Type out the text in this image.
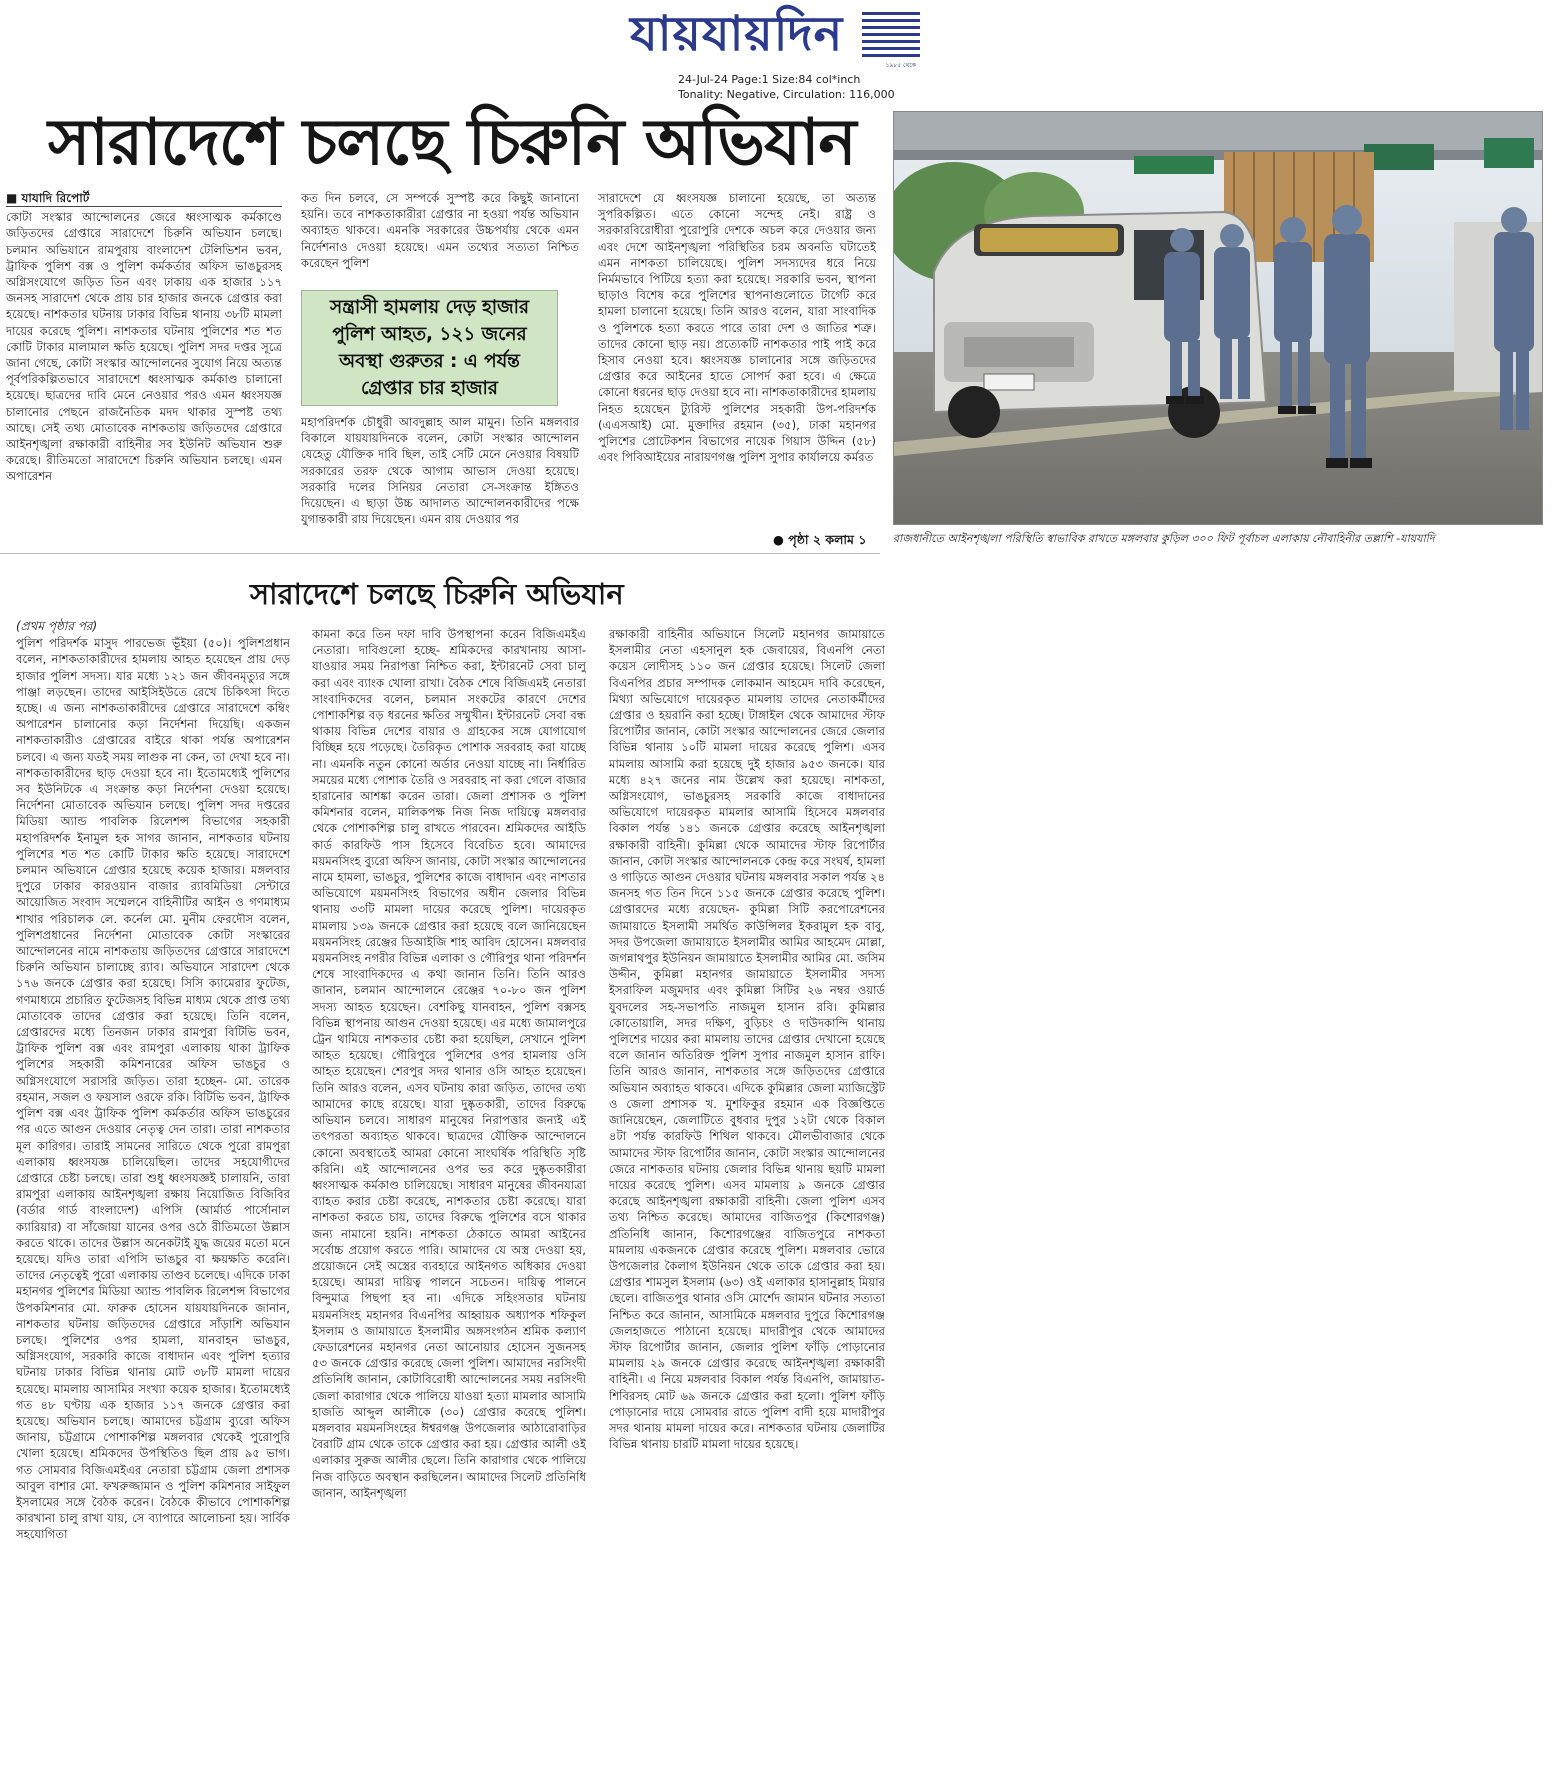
যায়যায়দিন
১৯৮৫ থেকে
24-Jul-24 Page:1 Size:84 col*inch
Tonality: Negative, Circulation: 116,000
সারাদেশে চলছে চিরুনি অভিযান
■ যাযাদি রিপোর্ট

কোটা সংস্কার আন্দোলনের জেরে ধ্বংসাত্মক কর্মকাণ্ডে জড়িতদের গ্রেপ্তারে সারাদেশে চিরুনি অভিযান চলছে। চলমান অভিযানে রামপুরায় বাংলাদেশ টেলিভিশন ভবন, ট্রাফিক পুলিশ বক্স ও পুলিশ কর্মকর্তার অফিস ভাঙচুরসহ অগ্নিসংযোগে জড়িত তিন এবং ঢাকায় এক হাজার ১১৭ জনসহ সারাদেশ থেকে প্রায় চার হাজার জনকে গ্রেপ্তার করা হয়েছে। নাশকতার ঘটনায় ঢাকার বিভিন্ন থানায় ৩৮টি মামলা দায়ের করেছে পুলিশ। নাশকতার ঘটনায় পুলিশের শত শত কোটি টাকার মালামাল ক্ষতি হয়েছে। পুলিশ সদর দপ্তর সূত্রে জানা গেছে, কোটা সংস্কার আন্দোলনের সুযোগ নিয়ে অত্যন্ত পূর্বপরিকল্পিতভাবে সারাদেশে ধ্বংসাত্মক কর্মকাণ্ড চালানো হয়েছে। ছাত্রদের দাবি মেনে নেওয়ার পরও এমন ধ্বংসযজ্ঞ চালানোর পেছনে রাজনৈতিক মদদ থাকার সুস্পষ্ট তথ্য আছে। সেই তথ্য মোতাবেক নাশকতায় জড়িতদের গ্রেপ্তারে আইনশৃঙ্খলা রক্ষাকারী বাহিনীর সব ইউনিট অভিযান শুরু করেছে। রীতিমতো সারাদেশে চিরুনি অভিযান চলছে। এমন অপারেশন

কত দিন চলবে, সে সম্পর্কে সুস্পষ্ট করে কিছুই জানানো হয়নি। তবে নাশকতাকারীরা গ্রেপ্তার না হওয়া পর্যন্ত অভিযান অব্যাহত থাকবে। এমনকি সরকারের উচ্চপর্যায় থেকে এমন নির্দেশনাও দেওয়া হয়েছে। এমন তথ্যের সত্যতা নিশ্চিত করেছেন পুলিশ

সন্ত্রাসী হামলায় দেড় হাজার
পুলিশ আহত, ১২১ জনের
অবস্থা গুরুতর : এ পর্যন্ত
গ্রেপ্তার চার হাজার

মহাপরিদর্শক চৌধুরী আবদুল্লাহ আল মামুন। তিনি মঙ্গলবার বিকালে যায়যায়দিনকে বলেন, কোটা সংস্কার আন্দোলন যেহেতু যৌক্তিক দাবি ছিল, তাই সেটি মেনে নেওয়ার বিষয়টি সরকারের তরফ থেকে আগাম আভাস দেওয়া হয়েছে। সরকারি দলের সিনিয়র নেতারা সে-সংক্রান্ত ইঙ্গিতও দিয়েছেন। এ ছাড়া উচ্চ আদালত আন্দোলনকারীদের পক্ষে যুগান্তকারী রায় দিয়েছেন। এমন রায় দেওয়ার পর

সারাদেশে যে ধ্বংসযজ্ঞ চালানো হয়েছে, তা অত্যন্ত সুপরিকল্পিত। এতে কোনো সন্দেহ নেই। রাষ্ট্র ও সরকারবিরোধীরা পুরোপুরি দেশকে অচল করে দেওয়ার জন্য এবং দেশে আইনশৃঙ্খলা পরিস্থিতির চরম অবনতি ঘটাতেই এমন নাশকতা চালিয়েছে। পুলিশ সদস্যদের ধরে নিয়ে নির্মমভাবে পিটিয়ে হত্যা করা হয়েছে। সরকারি ভবন, স্থাপনা ছাড়াও বিশেষ করে পুলিশের স্থাপনাগুলোতে টার্গেট করে হামলা চালানো হয়েছে। তিনি আরও বলেন, যারা সাংবাদিক ও পুলিশকে হত্যা করতে পারে তারা দেশ ও জাতির শত্রু। তাদের কোনো ছাড় নয়। প্রত্যেকটি নাশকতার পাই পাই করে হিসাব নেওয়া হবে। ধ্বংসযজ্ঞ চালানোর সঙ্গে জড়িতদের গ্রেপ্তার করে আইনের হাতে সোপর্দ করা হবে। এ ক্ষেত্রে কোনো ধরনের ছাড় দেওয়া হবে না। নাশকতাকারীদের হামলায় নিহত হয়েছেন ট্যুরিস্ট পুলিশের সহকারী উপ-পরিদর্শক (এএসআই) মো. মুক্তাদির রহমান (৩৫), ঢাকা মহানগর পুলিশের প্রোটেকশন বিভাগের নায়েক গিয়াস উদ্দিন (৫৮) এবং পিবিআইয়ের নারায়ণগঞ্জ পুলিশ সুপার কার্যালয়ে কর্মরত

● পৃষ্ঠা ২ কলাম ১ রাজধানীতে আইনশৃঙ্খলা পরিস্থিতি স্বাভাবিক রাখতে মঙ্গলবার কুড়িল ৩০০ ফিট পূর্বাচল এলাকায় নৌবাহিনীর তল্লাশি -যায়যাদি
সারাদেশে চলছে চিরুনি অভিযান

(প্রথম পৃষ্ঠার পর)

পুলিশ পরিদর্শক মাসুদ পারভেজ ভূঁইয়া (৫০)। পুলিশপ্রধান বলেন, নাশকতাকারীদের হামলায় আহত হয়েছেন প্রায় দেড় হাজার পুলিশ সদস্য। যার মধ্যে ১২১ জন জীবনমৃত্যুর সঙ্গে পাঞ্জা লড়ছেন। তাদের আইসিইউতে রেখে চিকিৎসা দিতে হচ্ছে। এ জন্য নাশকতাকারীদের গ্রেপ্তারে সারাদেশে কম্বিং অপারেশন চালানোর কড়া নির্দেশনা দিয়েছি। একজন নাশকতাকারীও গ্রেপ্তারের বাইরে থাকা পর্যন্ত অপারেশন চলবে। এ জন্য যতই সময় লাগুক না কেন, তা দেখা হবে না। নাশকতাকারীদের ছাড় দেওয়া হবে না। ইতোমধ্যেই পুলিশের সব ইউনিটকে এ সংক্রান্ত কড়া নির্দেশনা দেওয়া হয়েছে। নির্দেশনা মোতাবেক অভিযান চলছে। পুলিশ সদর দপ্তরের মিডিয়া অ্যান্ড পাবলিক রিলেশন্স বিভাগের সহকারী মহাপরিদর্শক ইনামুল হক সাগর জানান, নাশকতার ঘটনায় পুলিশের শত শত কোটি টাকার ক্ষতি হয়েছে। সারাদেশে চলমান অভিযানে গ্রেপ্তার হয়েছে কয়েক হাজার। মঙ্গলবার দুপুরে ঢাকার কারওয়ান বাজার র‌্যাবমিডিয়া সেন্টারে আয়োজিত সংবাদ সম্মেলনে বাহিনীটির আইন ও গণমাধ্যম শাখার পরিচালক লে. কর্নেল মো. মুনীম ফেরদৌস বলেন, পুলিশপ্রধানের নির্দেশনা মোতাবেক কোটা সংস্কারের আন্দোলনের নামে নাশকতায় জড়িতদের গ্রেপ্তারে সারাদেশে চিরুনি অভিযান চালাচ্ছে র‌্যাব। অভিযানে সারাদেশ থেকে ১৭৬ জনকে গ্রেপ্তার করা হয়েছে। সিসি ক্যামেরার ফুটেজ, গণমাধ্যমে প্রচারিত ফুটেজসহ বিভিন্ন মাধ্যম থেকে প্রাপ্ত তথ্য মোতাবেক তাদের গ্রেপ্তার করা হয়েছে। তিনি বলেন, গ্রেপ্তারদের মধ্যে তিনজন ঢাকার রামপুরা বিটিভি ভবন, ট্রাফিক পুলিশ বক্স এবং রামপুরা এলাকায় থাকা ট্রাফিক পুলিশের সহকারী কমিশনারের অফিস ভাঙচুর ও অগ্নিসংযোগে সরাসরি জড়িত। তারা হচ্ছেন- মো. তারেক রহমান, সজল ও ফয়সাল ওরফে রকি। বিটিভি ভবন, ট্রাফিক পুলিশ বক্স এবং ট্রাফিক পুলিশ কর্মকর্তার অফিস ভাঙচুরের পর এতে আগুন দেওয়ার নেতৃত্ব দেন তারা। তারা নাশকতার মূল কারিগর। তারাই সামনের সারিতে থেকে পুরো রামপুরা এলাকায় ধ্বংসযজ্ঞ চালিয়েছিল। তাদের সহযোগীদের গ্রেপ্তারে চেষ্টা চলছে। তারা শুধু ধ্বংসযজ্ঞই চালায়নি, তারা রামপুরা এলাকায় আইনশৃঙ্খলা রক্ষায় নিয়োজিত বিজিবির (বর্ডার গার্ড বাংলাদেশ) এপিসি (আর্মার্ড পার্সোনাল ক্যারিয়ার) বা সাঁজোয়া যানের ওপর ওঠে রীতিমতো উল্লাস করতে থাকে। তাদের উল্লাস অনেকটাই যুদ্ধ জয়ের মতো মনে হয়েছে। যদিও তারা এপিসি ভাঙচুর বা ক্ষয়ক্ষতি করেনি। তাদের নেতৃত্বেই পুরো এলাকায় তাণ্ডব চলেছে। এদিকে ঢাকা মহানগর পুলিশের মিডিয়া অ্যান্ড পাবলিক রিলেশন্স বিভাগের উপকমিশনার মো. ফারুক হোসেন যায়যায়দিনকে জানান, নাশকতার ঘটনায় জড়িতদের গ্রেপ্তারে সাঁড়াশি অভিযান চলছে। পুলিশের ওপর হামলা, যানবাহন ভাঙচুর, অগ্নিসংযোগ, সরকারি কাজে বাধাদান এবং পুলিশ হত্যার ঘটনায় ঢাকার বিভিন্ন থানায় মোট ৩৮টি মামলা দায়ের হয়েছে। মামলায় আসামির সংখ্যা কয়েক হাজার। ইতোমধ্যেই গত ৪৮ ঘণ্টায় এক হাজার ১১৭ জনকে গ্রেপ্তার করা হয়েছে। অভিযান চলছে। আমাদের চট্টগ্রাম ব্যুরো অফিস জানায়, চট্টগ্রামে পোশাকশিল্প মঙ্গলবার থেকেই পুরোপুরি খোলা হয়েছে। শ্রমিকদের উপস্থিতিও ছিল প্রায় ৯৫ ভাগ। গত সোমবার বিজিএমইএর নেতারা চট্টগ্রাম জেলা প্রশাসক আবুল বাশার মো. ফখরুজ্জামান ও পুলিশ কমিশনার সাইফুল ইসলামের সঙ্গে বৈঠক করেন। বৈঠকে কীভাবে পোশাকশিল্প কারখানা চালু রাখা যায়, সে ব্যাপারে আলোচনা হয়। সার্বিক সহযোগিতা

কামনা করে তিন দফা দাবি উপস্থাপনা করেন বিজিএমইএ নেতারা। দাবিগুলো হচ্ছে- শ্রমিকদের কারখানায় আসা-যাওয়ার সময় নিরাপত্তা নিশ্চিত করা, ইন্টারনেট সেবা চালু করা এবং ব্যাংক খোলা রাখা। বৈঠক শেষে বিজিএমই নেতারা সাংবাদিকদের বলেন, চলমান সংকটের কারণে দেশের পোশাকশিল্প বড় ধরনের ক্ষতির সম্মুখীন। ইন্টারনেট সেবা বন্ধ থাকায় বিভিন্ন দেশের বায়ার ও গ্রাহকের সঙ্গে যোগাযোগ বিচ্ছিন্ন হয়ে পড়েছে। তৈরিকৃত পোশাক সরবরাহ করা যাচ্ছে না। এমনকি নতুন কোনো অর্ডার নেওয়া যাচ্ছে না। নির্ধারিত সময়ের মধ্যে পোশাক তৈরি ও সরবরাহ না করা গেলে বাজার হারানোর আশঙ্কা করেন তারা। জেলা প্রশাসক ও পুলিশ কমিশনার বলেন, মালিকপক্ষ নিজ নিজ দায়িত্বে মঙ্গলবার থেকে পোশাকশিল্প চালু রাখতে পারবেন। শ্রমিকদের আইডি কার্ড কারফিউ পাস হিসেবে বিবেচিত হবে। আমাদের ময়মনসিংহ ব্যুরো অফিস জানায়, কোটা সংস্কার আন্দোলনের নামে হামলা, ভাঙচুর, পুলিশের কাজে বাধাদান এবং নাশতার অভিযোগে ময়মনসিংহ বিভাগের অধীন জেলার বিভিন্ন থানায় ৩৩টি মামলা দায়ের করেছে পুলিশ। দায়েরকৃত মামলায় ১৩৯ জনকে গ্রেপ্তার করা হয়েছে বলে জানিয়েছেন ময়মনসিংহ রেঞ্জের ডিআইজি শাহ আবিদ হোসেন। মঙ্গলবার ময়মনসিংহ নগরীর বিভিন্ন এলাকা ও গৌরিপুর থানা পরিদর্শন শেষে সাংবাদিকদের এ কথা জানান তিনি। তিনি আরও জানান, চলমান আন্দোলনে রেঞ্জের ৭০-৮০ জন পুলিশ সদস্য আহত হয়েছেন। বেশকিছু যানবাহন, পুলিশ বক্সসহ বিভিন্ন স্থাপনায় আগুন দেওয়া হয়েছে। এর মধ্যে জামালপুরে ট্রেন থামিয়ে নাশকতার চেষ্টা করা হয়েছিল, সেখানে পুলিশ আহত হয়েছে। গৌরিপুরে পুলিশের ওপর হামলায় ওসি আহত হয়েছেন। শেরপুর সদর থানার ওসি আহত হয়েছেন। তিনি আরও বলেন, এসব ঘটনায় কারা জড়িত, তাদের তথ্য আমাদের কাছে রয়েছে। যারা দুষ্কৃতকারী, তাদের বিরুদ্ধে অভিযান চলবে। সাধারণ মানুষের নিরাপত্তার জন্যই এই তৎপরতা অব্যাহত থাকবে। ছাত্রদের যৌক্তিক আন্দোলনে কোনো অবস্থাতেই আমরা কোনো সাংঘর্ষিক পরিস্থিতি সৃষ্টি করিনি। এই আন্দোলনের ওপর ভর করে দুষ্কৃতকারীরা ধ্বংসাত্মক কর্মকাণ্ড চালিয়েছে। সাধারণ মানুষের জীবনযাত্রা ব্যাহত করার চেষ্টা করেছে, নাশকতার চেষ্টা করেছে। যারা নাশকতা করতে চায়, তাদের বিরুদ্ধে পুলিশের বসে থাকার জন্য নামানো হয়নি। নাশকতা ঠেকাতে আমরা আইনের সর্বোচ্চ প্রয়োগ করতে পারি। আমাদের যে অস্ত্র দেওয়া হয়, প্রয়োজনে সেই অস্ত্রের ব্যবহারে আইনগত অধিকার দেওয়া হয়েছে। আমরা দায়িত্ব পালনে সচেতন। দায়িত্ব পালনে বিন্দুমাত্র পিছপা হব না। এদিকে সহিংসতার ঘটনায় ময়মনসিংহ মহানগর বিএনপির আহ্বায়ক অধ্যাপক শফিকুল ইসলাম ও জামায়াতে ইসলামীর অঙ্গসংগঠন শ্রমিক কল্যাণ ফেডারেশনের মহানগর নেতা আনোয়ার হোসেন সুজনসহ ৫৩ জনকে গ্রেপ্তার করেছে জেলা পুলিশ। আমাদের নরসিংদী প্রতিনিধি জানান, কোটাবিরোধী আন্দোলনের সময় নরসিংদী জেলা কারাগার থেকে পালিয়ে যাওয়া হত্যা মামলার আসামি হাজতি আব্দুল আলীকে (৩০) গ্রেপ্তার করেছে পুলিশ। মঙ্গলবার ময়মনসিংহের ঈশ্বরগঞ্জ উপজেলার আঠারোবাড়ির বৈরাটি গ্রাম থেকে তাকে গ্রেপ্তার করা হয়। গ্রেপ্তার আলী ওই এলাকার সুরুজ আলীর ছেলে। তিনি কারাগার থেকে পালিয়ে নিজ বাড়িতে অবস্থান করছিলেন। আমাদের সিলেট প্রতিনিধি জানান, আইনশৃঙ্খলা

রক্ষাকারী বাহিনীর অভিযানে সিলেট মহানগর জামায়াতে ইসলামীর নেতা এহসানুল হক জেবায়ের, বিএনপি নেতা কয়েস লোদীসহ ১১০ জন গ্রেপ্তার হয়েছে। সিলেট জেলা বিএনপির প্রচার সম্পাদক লোকমান আহমেদ দাবি করেছেন, মিথ্যা অভিযোগে দায়েরকৃত মামলায় তাদের নেতাকর্মীদের গ্রেপ্তার ও হয়রানি করা হচ্ছে। টাঙ্গাইল থেকে আমাদের স্টাফ রিপোর্টার জানান, কোটা সংস্কার আন্দোলনের জেরে জেলার বিভিন্ন থানায় ১০টি মামলা দায়ের করেছে পুলিশ। এসব মামলায় আসামি করা হয়েছে দুই হাজার ৯৫৩ জনকে। যার মধ্যে ৪২৭ জনের নাম উল্লেখ করা হয়েছে। নাশকতা, অগ্নিসংযোগ, ভাঙচুরসহ সরকারি কাজে বাধাদানের অভিযোগে দায়েরকৃত মামলার আসামি হিসেবে মঙ্গলবার বিকাল পর্যন্ত ১৪১ জনকে গ্রেপ্তার করেছে আইনশৃঙ্খলা রক্ষাকারী বাহিনী। কুমিল্লা থেকে আমাদের স্টাফ রিপোর্টার জানান, কোটা সংস্কার আন্দোলনকে কেন্দ্র করে সংঘর্ষ, হামলা ও গাড়িতে আগুন দেওয়ার ঘটনায় মঙ্গলবার সকাল পর্যন্ত ২৪ জনসহ গত তিন দিনে ১১৫ জনকে গ্রেপ্তার করেছে পুলিশ। গ্রেপ্তারদের মধ্যে রয়েছেন- কুমিল্লা সিটি করপোরেশনের জামায়াতে ইসলামী সমর্থিত কাউন্সিলর ইকরামুল হক বাবু, সদর উপজেলা জামায়াতে ইসলামীর আমির আহমেদ মোল্লা, জগন্নাথপুর ইউনিয়ন জামায়াতে ইসলামীর আমির মো. জসিম উদ্দীন, কুমিল্লা মহানগর জামায়াতে ইসলামীর সদস্য ইসরাফিল মজুমদার এবং কুমিল্লা সিটির ২৬ নম্বর ওয়ার্ড যুবদলের সহ-সভাপতি নাজমুল হাসান রবি। কুমিল্লার কোতোয়ালি, সদর দক্ষিণ, বুড়িচং ও দাউদকান্দি থানায় পুলিশের দায়ের করা মামলায় তাদের গ্রেপ্তার দেখানো হয়েছে বলে জানান অতিরিক্ত পুলিশ সুপার নাজমুল হাসান রাফি। তিনি আরও জানান, নাশকতার সঙ্গে জড়িতদের গ্রেপ্তারে অভিযান অব্যাহত থাকবে। এদিকে কুমিল্লার জেলা ম্যাজিস্ট্রেট ও জেলা প্রশাসক খ. মুশফিকুর রহমান এক বিজ্ঞপ্তিতে জানিয়েছেন, জেলাটিতে বুধবার দুপুর ১২টা থেকে বিকাল ৪টা পর্যন্ত কারফিউ শিথিল থাকবে। মৌলভীবাজার থেকে আমাদের স্টাফ রিপোর্টার জানান, কোটা সংস্কার আন্দোলনের জেরে নাশকতার ঘটনায় জেলার বিভিন্ন থানায় ছয়টি মামলা দায়ের করেছে পুলিশ। এসব মামলায় ৯ জনকে গ্রেপ্তার করেছে আইনশৃঙ্খলা রক্ষাকারী বাহিনী। জেলা পুলিশ এসব তথ্য নিশ্চিত করেছে। আমাদের বাজিতপুর (কিশোরগঞ্জ) প্রতিনিধি জানান, কিশোরগঞ্জের বাজিতপুরে নাশকতা মামলায় একজনকে গ্রেপ্তার করেছে পুলিশ। মঙ্গলবার ভোরে উপজেলার কৈলাগ ইউনিয়ন থেকে তাকে গ্রেপ্তার করা হয়। গ্রেপ্তার শামসুল ইসলাম (৬৩) ওই এলাকার হাসানুল্লাহ মিয়ার ছেলে। বাজিতপুর থানার ওসি মোর্শেদ জামান ঘটনার সত্যতা নিশ্চিত করে জানান, আসামিকে মঙ্গলবার দুপুরে কিশোরগঞ্জ জেলহাজতে পাঠানো হয়েছে। মাদারীপুর থেকে আমাদের স্টাফ রিপোর্টার জানান, জেলার পুলিশ ফাঁড়ি পোড়ানোর মামলায় ২৯ জনকে গ্রেপ্তার করেছে আইনশৃঙ্খলা রক্ষাকারী বাহিনী। এ নিয়ে মঙ্গলবার বিকাল পর্যন্ত বিএনপি, জামায়াত-শিবিরসহ মোট ৬৯ জনকে গ্রেপ্তার করা হলো। পুলিশ ফাঁড়ি পোড়ানোর দায়ে সোমবার রাতে পুলিশ বাদী হয়ে মাদারীপুর সদর থানায় মামলা দায়ের করে। নাশকতার ঘটনায় জেলাটির বিভিন্ন থানায় চারটি মামলা দায়ের হয়েছে।
